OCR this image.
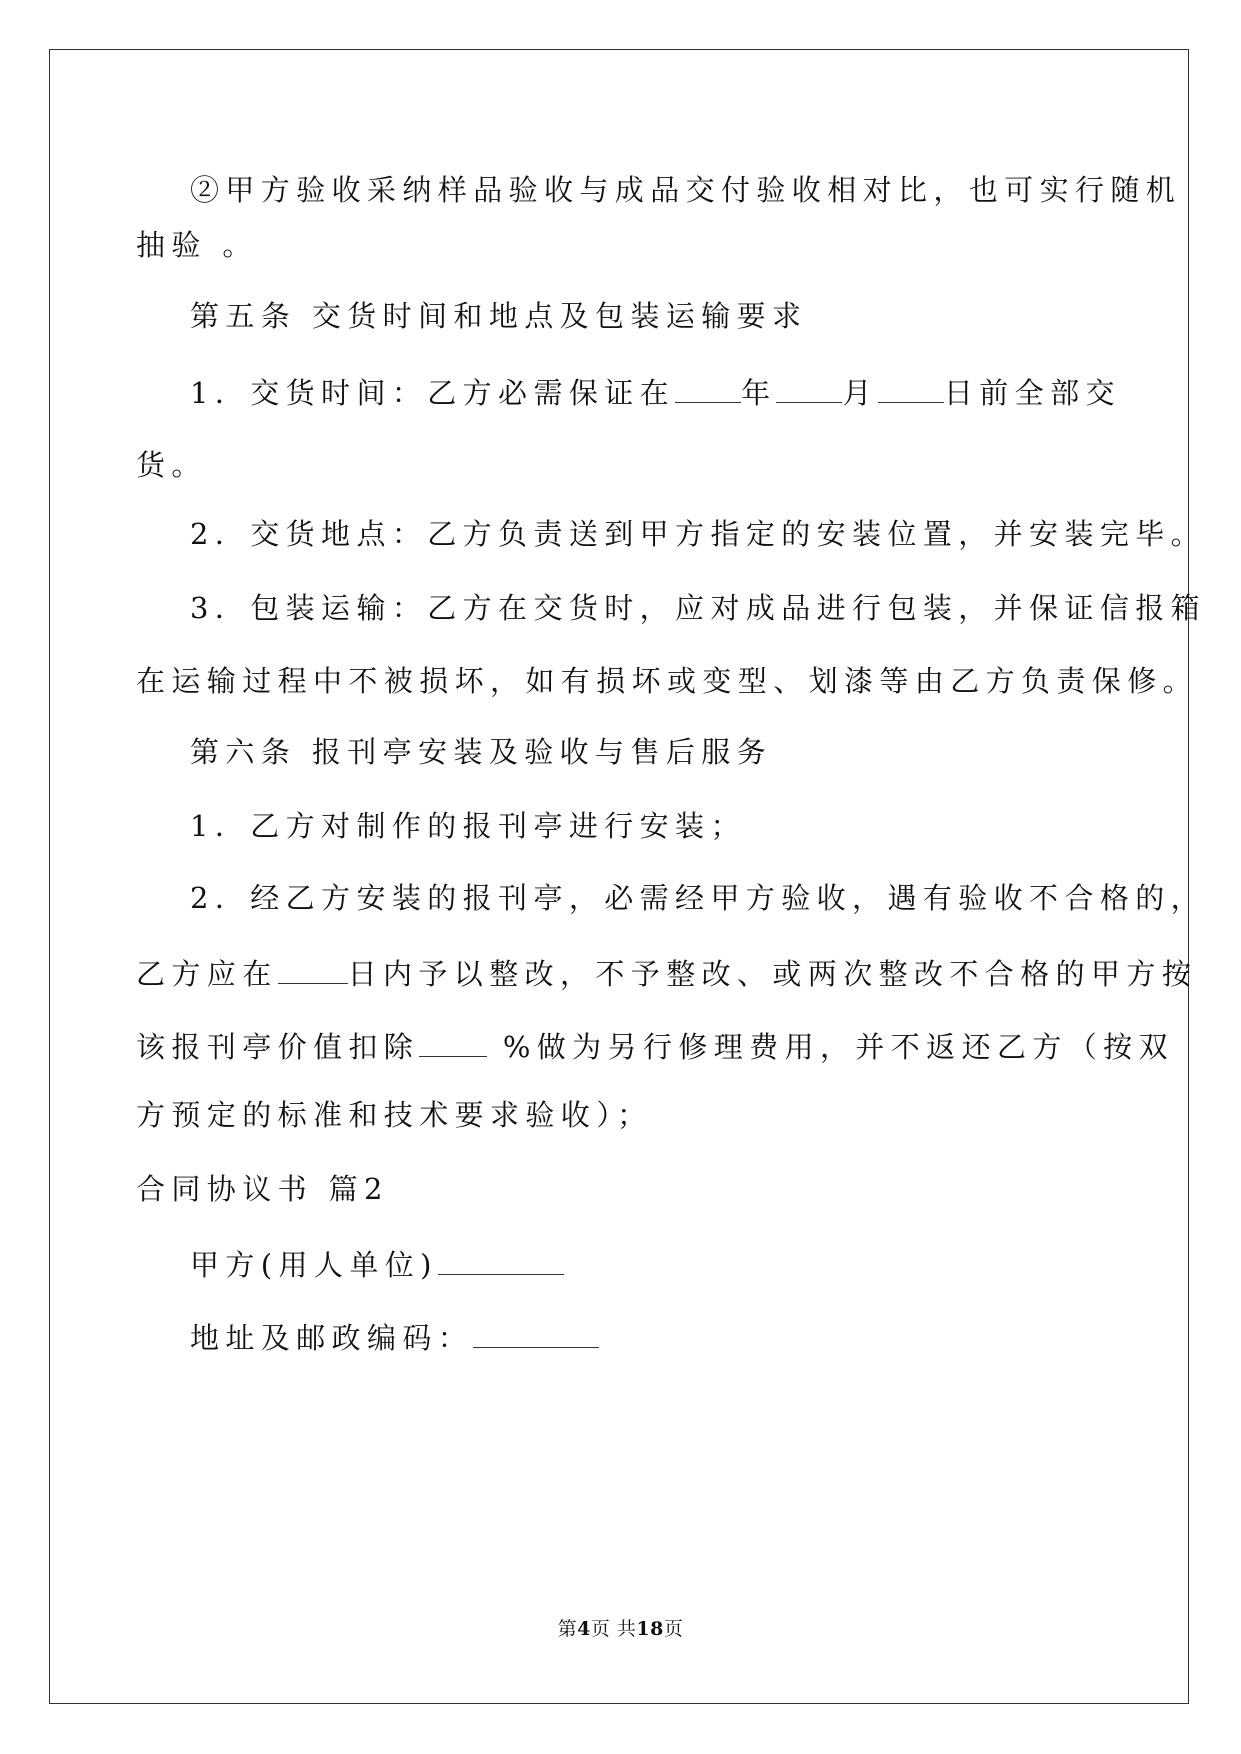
②甲方验收采纳样品验收与成品交付验收相对比，也可实行随机
抽验 。
第五条 交货时间和地点及包装运输要求
1．交货时间：乙方必需保证在 年 月 日前全部交
货。
2．交货地点：乙方负责送到甲方指定的安装位置，并安装完毕。
3．包装运输：乙方在交货时，应对成品进行包装，并保证信报箱
在运输过程中不被损坏，如有损坏或变型、划漆等由乙方负责保修。
第六条 报刊亭安装及验收与售后服务
1．乙方对制作的报刊亭进行安装；
2．经乙方安装的报刊亭，必需经甲方验收，遇有验收不合格的，
乙方应在 日内予以整改，不予整改、或两次整改不合格的甲方按
该报刊亭价值扣除 %做为另行修理费用，并不返还乙方（按双
方预定的标准和技术要求验收）；
合同协议书 篇2
甲方(用人单位)
地址及邮政编码：
第4页 共18页
